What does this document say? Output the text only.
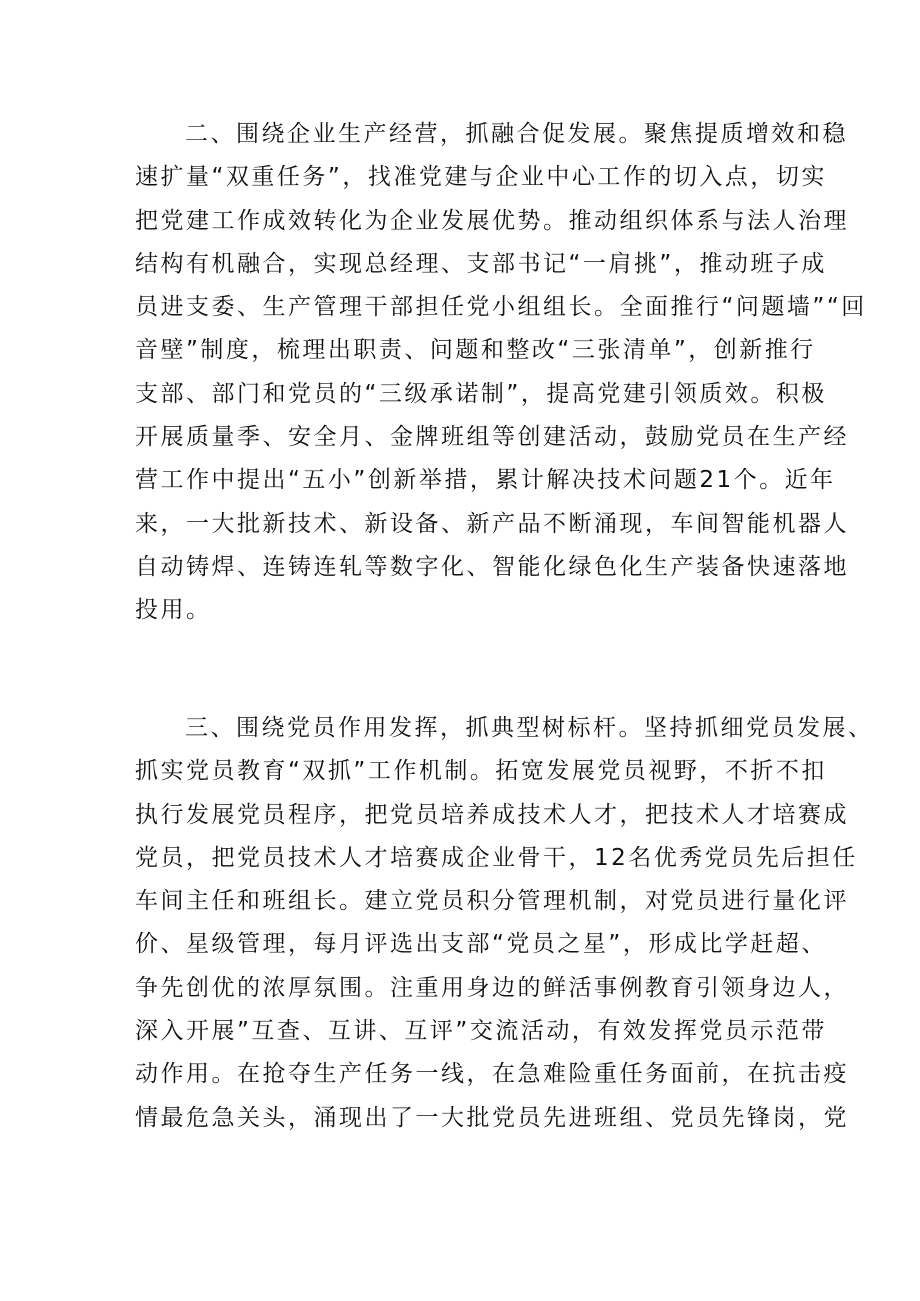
二、围绕企业生产经营，抓融合促发展。聚焦提质增效和稳
速扩量“双重任务”，找准党建与企业中心工作的切入点，切实
把党建工作成效转化为企业发展优势。推动组织体系与法人治理
结构有机融合，实现总经理、支部书记“一肩挑”，推动班子成
员进支委、生产管理干部担任党小组组长。全面推行“问题墙”“回
音壁”制度，梳理出职责、问题和整改“三张清单”，创新推行
支部、部门和党员的“三级承诺制”，提高党建引领质效。积极
开展质量季、安全月、金牌班组等创建活动，鼓励党员在生产经
营工作中提出“五小”创新举措，累计解决技术问题21个。近年
来，一大批新技术、新设备、新产品不断涌现，车间智能机器人
自动铸焊、连铸连轧等数字化、智能化绿色化生产装备快速落地
投用。
三、围绕党员作用发挥，抓典型树标杆。坚持抓细党员发展、
抓实党员教育“双抓”工作机制。拓宽发展党员视野，不折不扣
执行发展党员程序，把党员培养成技术人才，把技术人才培赛成
党员，把党员技术人才培赛成企业骨干，12名优秀党员先后担任
车间主任和班组长。建立党员积分管理机制，对党员进行量化评
价、星级管理，每月评选出支部“党员之星”，形成比学赶超、
争先创优的浓厚氛围。注重用身边的鲜活事例教育引领身边人，
深入开展”互查、互讲、互评”交流活动，有效发挥党员示范带
动作用。在抢夺生产任务一线，在急难险重任务面前，在抗击疫
情最危急关头，涌现出了一大批党员先进班组、党员先锋岗，党
